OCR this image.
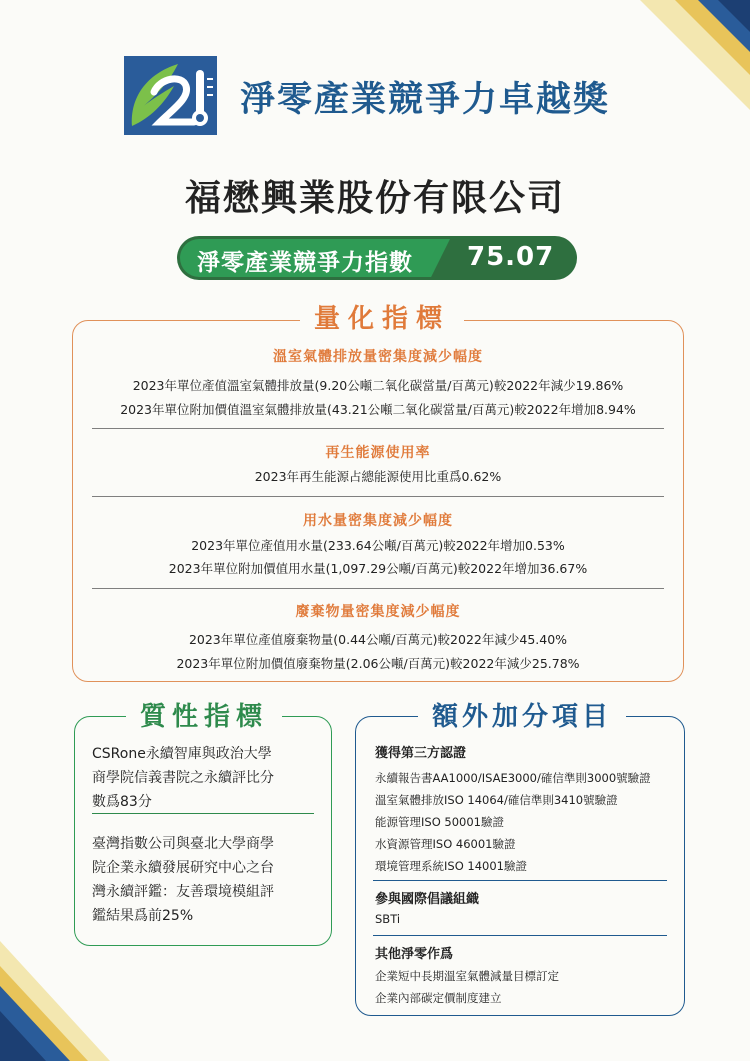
淨零產業競爭力卓越獎
福懋興業股份有限公司
淨零產業競爭力指數 75.07
量化指標
溫室氣體排放量密集度減少幅度
2023年單位產值溫室氣體排放量(9.20公噸二氧化碳當量/百萬元)較2022年減少19.86%
2023年單位附加價值溫室氣體排放量(43.21公噸二氧化碳當量/百萬元)較2022年增加8.94%
再生能源使用率
2023年再生能源占總能源使用比重爲0.62%
用水量密集度減少幅度
2023年單位產值用水量(233.64公噸/百萬元)較2022年增加0.53%
2023年單位附加價值用水量(1,097.29公噸/百萬元)較2022年增加36.67%
廢棄物量密集度減少幅度
2023年單位產值廢棄物量(0.44公噸/百萬元)較2022年減少45.40%
2023年單位附加價值廢棄物量(2.06公噸/百萬元)較2022年減少25.78%
質性指標
CSRone永續智庫與政治大學
商學院信義書院之永續評比分
數爲83分
臺灣指數公司與臺北大學商學
院企業永續發展研究中心之台
灣永續評鑑：友善環境模組評
鑑結果爲前25%
額外加分項目
獲得第三方認證
永續報告書AA1000/ISAE3000/確信準則3000號驗證
溫室氣體排放ISO 14064/確信準則3410號驗證
能源管理ISO 50001驗證
水資源管理ISO 46001驗證
環境管理系統ISO 14001驗證
參與國際倡議組織
SBTi
其他淨零作爲
企業短中長期溫室氣體減量目標訂定
企業內部碳定價制度建立
